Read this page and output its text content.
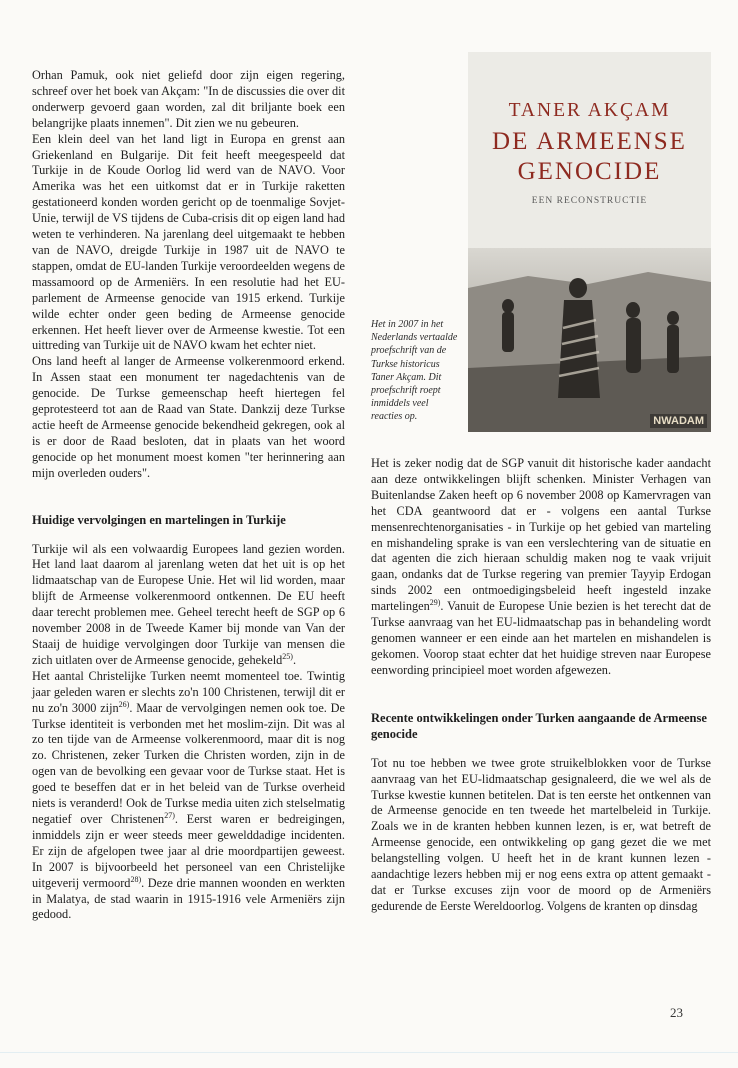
Orhan Pamuk, ook niet geliefd door zijn eigen regering, schreef over het boek van Akçam: "In de discussies die over dit onderwerp gevoerd gaan worden, zal dit briljante boek een belangrijke plaats innemen". Dit zien we nu gebeuren.

Een klein deel van het land ligt in Europa en grenst aan Griekenland en Bulgarije. Dit feit heeft meegespeeld dat Turkije in de Koude Oorlog lid werd van de NAVO. Voor Amerika was het een uitkomst dat er in Turkije raketten gestationeerd konden worden gericht op de toenmalige Sovjet-Unie, terwijl de VS tijdens de Cuba-crisis dit op eigen land had weten te verhinderen. Na jarenlang deel uitgemaakt te hebben van de NAVO, dreigde Turkije in 1987 uit de NAVO te stappen, omdat de EU-landen Turkije veroordeelden wegens de massamoord op de Armeniërs. In een resolutie had het EU-parlement de Armeense genocide van 1915 erkend. Turkije wilde echter onder geen beding de Armeense genocide erkennen. Het heeft liever over de Armeense kwestie. Tot een uittreding van Turkije uit de NAVO kwam het echter niet.

Ons land heeft al langer de Armeense volkerenmoord erkend. In Assen staat een monument ter nagedachtenis van de genocide. De Turkse gemeenschap heeft hiertegen fel geprotesteerd tot aan de Raad van State. Dankzij deze Turkse actie heeft de Armeense genocide bekendheid gekregen, ook al is er door de Raad besloten, dat in plaats van het woord genocide op het monument moest komen "ter herinnering aan mijn overleden ouders".

Huidige vervolgingen en martelingen in Turkije

Turkije wil als een volwaardig Europees land gezien worden. Het land laat daarom al jarenlang weten dat het uit is op het lidmaatschap van de Europese Unie. Het wil lid worden, maar blijft de Armeense volkerenmoord ontkennen. De EU heeft daar terecht problemen mee. Geheel terecht heeft de SGP op 6 november 2008 in de Tweede Kamer bij monde van Van der Staaij de huidige vervolgingen door Turkije van mensen die zich uitlaten over de Armeense genocide, gehekeld$^{25)}$.

Het aantal Christelijke Turken neemt momenteel toe. Twintig jaar geleden waren er slechts zo'n 100 Christenen, terwijl dit er nu zo'n 3000 zijn$^{26)}$. Maar de vervolgingen nemen ook toe. De Turkse identiteit is verbonden met het moslim-zijn. Dit was al zo ten tijde van de Armeense volkerenmoord, maar dit is nog zo. Christenen, zeker Turken die Christen worden, zijn in de ogen van de bevolking een gevaar voor de Turkse staat. Het is goed te beseffen dat er in het beleid van de Turkse overheid niets is veranderd! Ook de Turkse media uiten zich stelselmatig negatief over Christenen$^{27)}$. Eerst waren er bedreigingen, inmiddels zijn er weer steeds meer gewelddadige incidenten. Er zijn de afgelopen twee jaar al drie moordpartijen geweest. In 2007 is bijvoorbeeld het personeel van een Christelijke uitgeverij vermoord$^{28)}$. Deze drie mannen woonden en werkten in Malatya, de stad waarin in 1915-1916 vele Armeniërs zijn gedood.

TANER AKÇAM
DE ARMEENSE
GENOCIDE
EEN RECONSTRUCTIE
NWADAM
Het in 2007 in het Nederlands vertaalde proefschrift van de Turkse historicus Taner Akçam. Dit proefschrift roept inmiddels veel reacties op.

Het is zeker nodig dat de SGP vanuit dit historische kader aandacht aan deze ontwikkelingen blijft schenken. Minister Verhagen van Buitenlandse Zaken heeft op 6 november 2008 op Kamervragen van het CDA geantwoord dat er - volgens een aantal Turkse mensenrechtenorganisaties - in Turkije op het gebied van marteling en mishandeling sprake is van een verslechtering van de situatie en dat agenten die zich hieraan schuldig maken nog te vaak vrijuit gaan, ondanks dat de Turkse regering van premier Tayyip Erdogan sinds 2002 een ontmoedigingsbeleid heeft ingesteld inzake martelingen$^{29)}$. Vanuit de Europese Unie bezien is het terecht dat de Turkse aanvraag van het EU-lidmaatschap pas in behandeling wordt genomen wanneer er een einde aan het martelen en mishandelen is gekomen. Voorop staat echter dat het huidige streven naar Europese eenwording principieel moet worden afgewezen.

Recente ontwikkelingen onder Turken aangaande de Armeense genocide

Tot nu toe hebben we twee grote struikelblokken voor de Turkse aanvraag van het EU-lidmaatschap gesignaleerd, die we wel als de Turkse kwestie kunnen betitelen. Dat is ten eerste het ontkennen van de Armeense genocide en ten tweede het martelbeleid in Turkije. Zoals we in de kranten hebben kunnen lezen, is er, wat betreft de Armeense genocide, een ontwikkeling op gang gezet die we met belangstelling volgen. U heeft het in de krant kunnen lezen - aandachtige lezers hebben mij er nog eens extra op attent gemaakt - dat er Turkse excuses zijn voor de moord op de Armeniërs gedurende de Eerste Wereldoorlog. Volgens de kranten op dinsdag

23
